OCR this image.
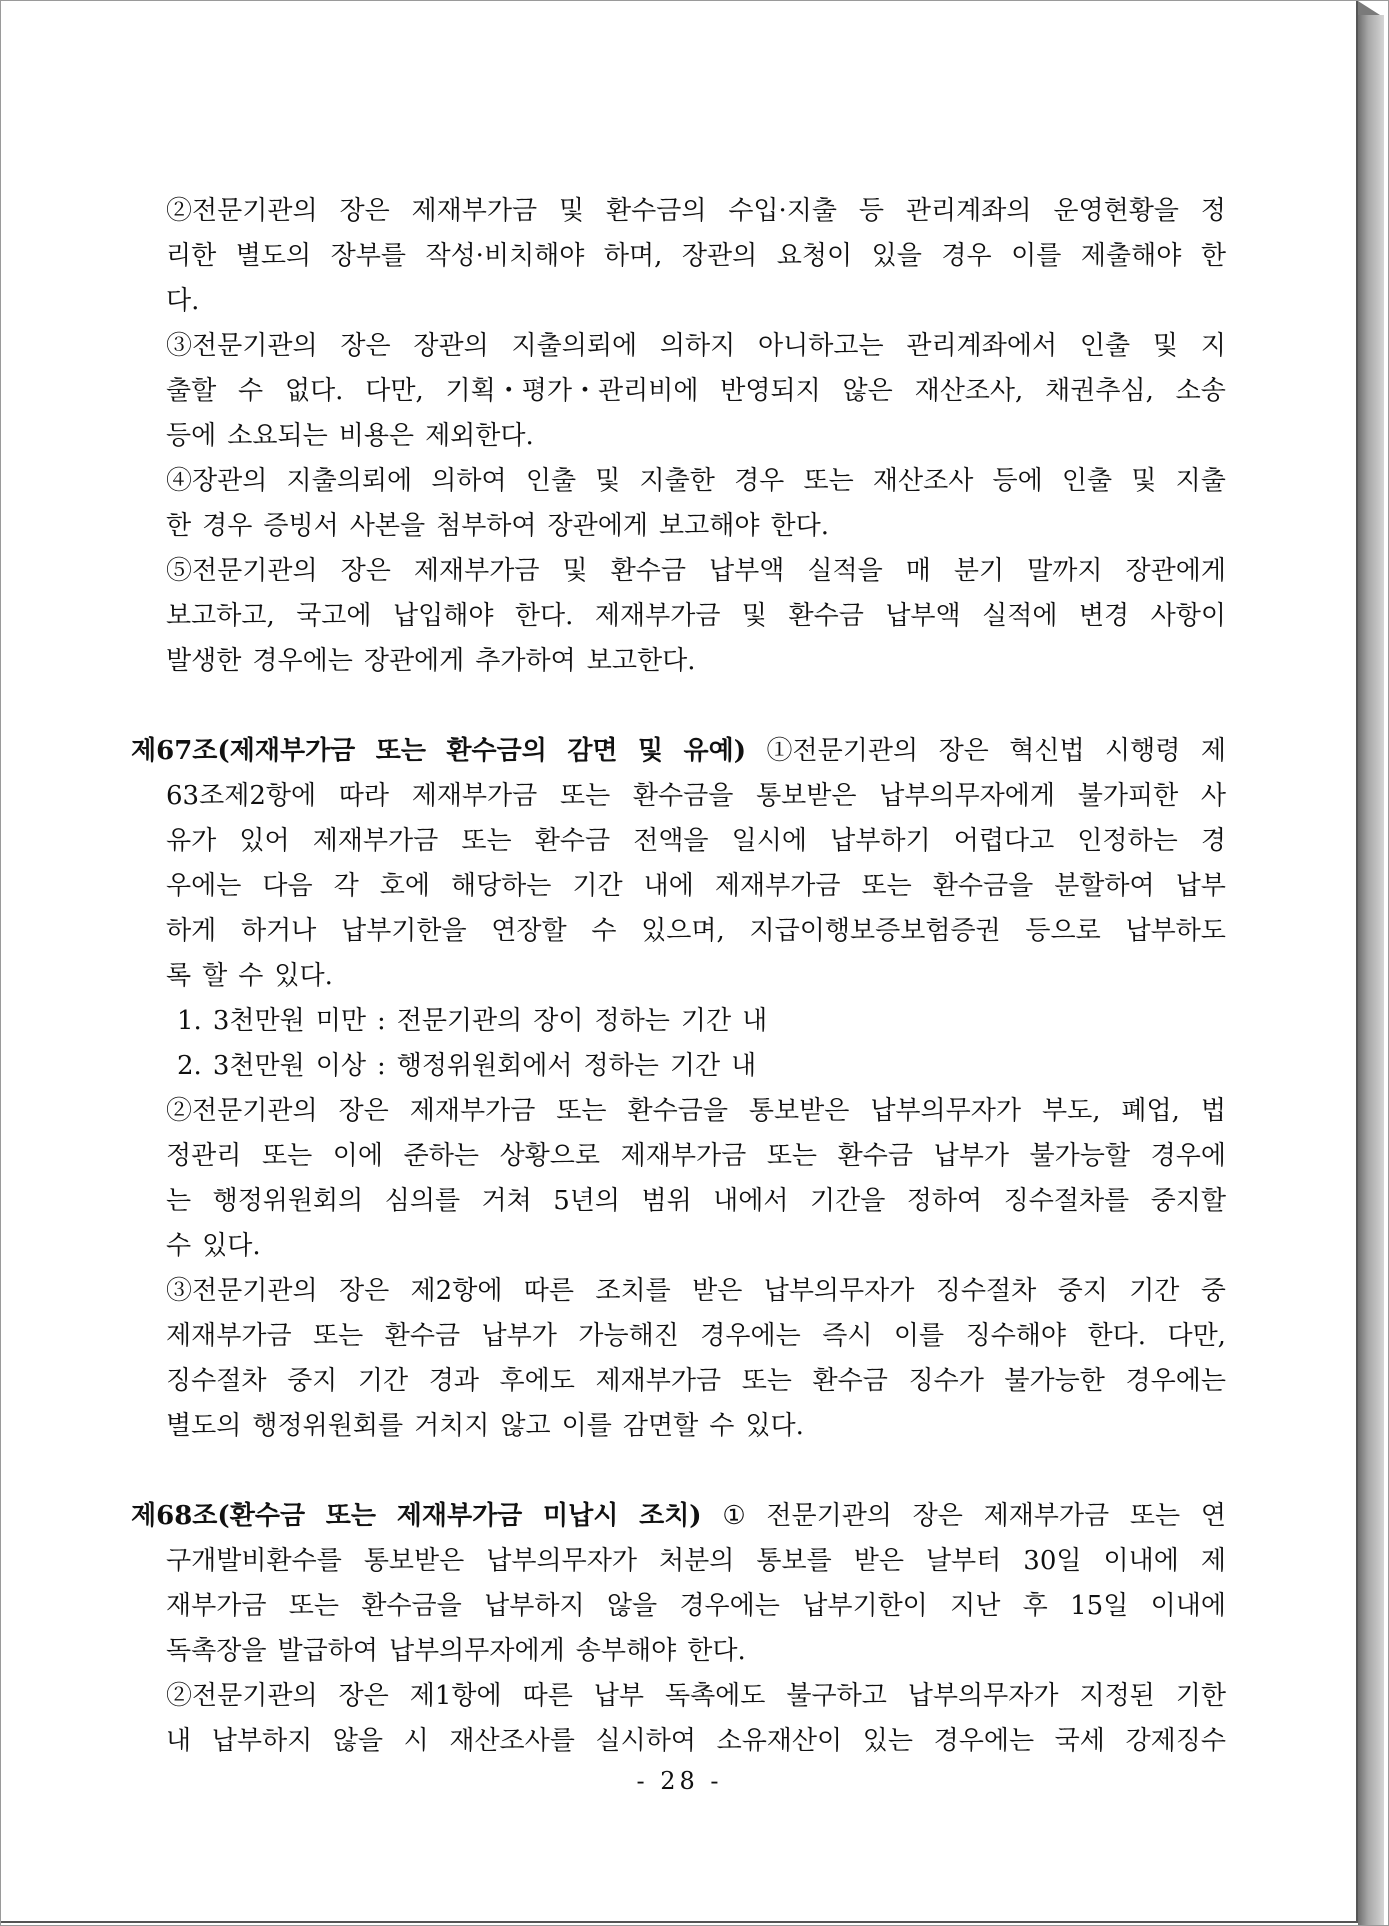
②전문기관의 장은 제재부가금 및 환수금의 수입·지출 등 관리계좌의 운영현황을 정
리한 별도의 장부를 작성·비치해야 하며, 장관의 요청이 있을 경우 이를 제출해야 한
다.
③전문기관의 장은 장관의 지출의뢰에 의하지 아니하고는 관리계좌에서 인출 및 지
출할 수 없다. 다만, 기획・평가・관리비에 반영되지 않은 재산조사, 채권추심, 소송
등에 소요되는 비용은 제외한다.
④장관의 지출의뢰에 의하여 인출 및 지출한 경우 또는 재산조사 등에 인출 및 지출
한 경우 증빙서 사본을 첨부하여 장관에게 보고해야 한다.
⑤전문기관의 장은 제재부가금 및 환수금 납부액 실적을 매 분기 말까지 장관에게
보고하고, 국고에 납입해야 한다. 제재부가금 및 환수금 납부액 실적에 변경 사항이
발생한 경우에는 장관에게 추가하여 보고한다.
제67조(제재부가금 또는 환수금의 감면 및 유예) ①전문기관의 장은 혁신법 시행령 제
63조제2항에 따라 제재부가금 또는 환수금을 통보받은 납부의무자에게 불가피한 사
유가 있어 제재부가금 또는 환수금 전액을 일시에 납부하기 어렵다고 인정하는 경
우에는 다음 각 호에 해당하는 기간 내에 제재부가금 또는 환수금을 분할하여 납부
하게 하거나 납부기한을 연장할 수 있으며, 지급이행보증보험증권 등으로 납부하도
록 할 수 있다.
1. 3천만원 미만 : 전문기관의 장이 정하는 기간 내
2. 3천만원 이상 : 행정위원회에서 정하는 기간 내
②전문기관의 장은 제재부가금 또는 환수금을 통보받은 납부의무자가 부도, 폐업, 법
정관리 또는 이에 준하는 상황으로 제재부가금 또는 환수금 납부가 불가능할 경우에
는 행정위원회의 심의를 거쳐 5년의 범위 내에서 기간을 정하여 징수절차를 중지할
수 있다.
③전문기관의 장은 제2항에 따른 조치를 받은 납부의무자가 징수절차 중지 기간 중
제재부가금 또는 환수금 납부가 가능해진 경우에는 즉시 이를 징수해야 한다. 다만,
징수절차 중지 기간 경과 후에도 제재부가금 또는 환수금 징수가 불가능한 경우에는
별도의 행정위원회를 거치지 않고 이를 감면할 수 있다.
제68조(환수금 또는 제재부가금 미납시 조치) ① 전문기관의 장은 제재부가금 또는 연
구개발비환수를 통보받은 납부의무자가 처분의 통보를 받은 날부터 30일 이내에 제
재부가금 또는 환수금을 납부하지 않을 경우에는 납부기한이 지난 후 15일 이내에
독촉장을 발급하여 납부의무자에게 송부해야 한다.
②전문기관의 장은 제1항에 따른 납부 독촉에도 불구하고 납부의무자가 지정된 기한
내 납부하지 않을 시 재산조사를 실시하여 소유재산이 있는 경우에는 국세 강제징수
- 28 -
